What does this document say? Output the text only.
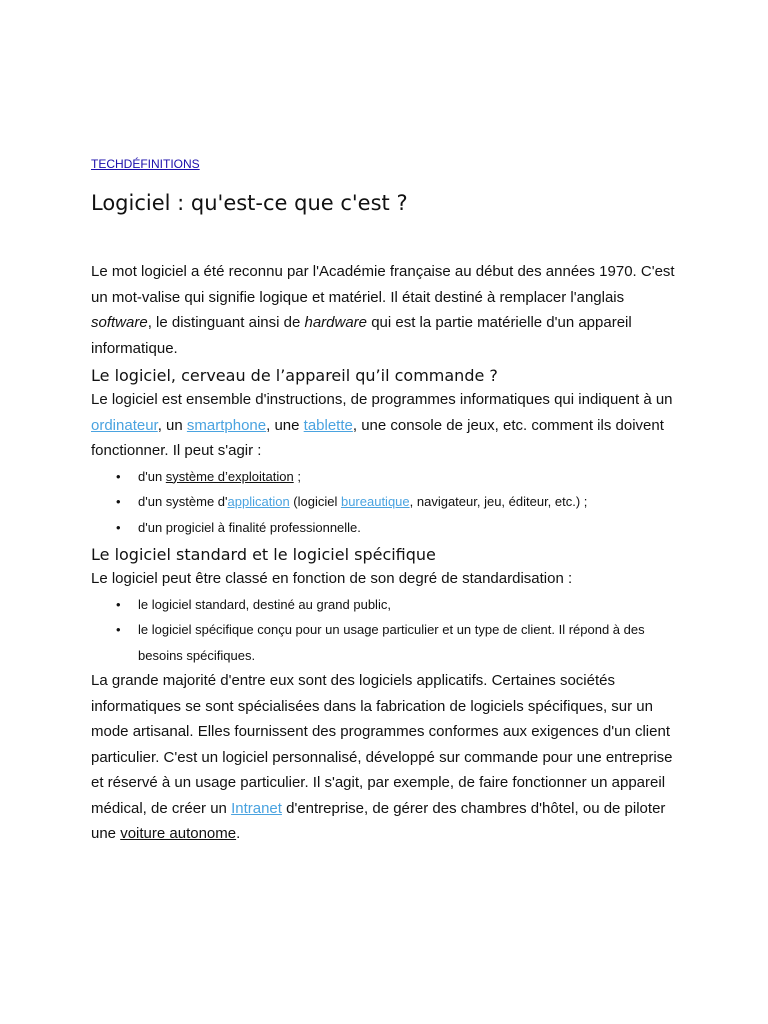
TECHDÉFINITIONS
Logiciel : qu'est-ce que c'est ?

Le mot logiciel a été reconnu par l'Académie française au début des années 1970. C'est un mot-valise qui signifie logique et matériel. Il était destiné à remplacer l'anglais software, le distinguant ainsi de hardware qui est la partie matérielle d'un appareil informatique.

Le logiciel, cerveau de l’appareil qu’il commande ?

Le logiciel est ensemble d'instructions, de programmes informatiques qui indiquent à un ordinateur, un smartphone, une tablette, une console de jeux, etc. comment ils doivent fonctionner. Il peut s'agir :

• d'un système d’exploitation ;
• d'un système d'application (logiciel bureautique, navigateur, jeu, éditeur, etc.) ;
• d'un progiciel à finalité professionnelle.
Le logiciel standard et le logiciel spécifique

Le logiciel peut être classé en fonction de son degré de standardisation :

• le logiciel standard, destiné au grand public,
• le logiciel spécifique conçu pour un usage particulier et un type de client. Il répond à des besoins spécifiques.

La grande majorité d'entre eux sont des logiciels applicatifs. Certaines sociétés informatiques se sont spécialisées dans la fabrication de logiciels spécifiques, sur un mode artisanal. Elles fournissent des programmes conformes aux exigences d'un client particulier. C'est un logiciel personnalisé, développé sur commande pour une entreprise et réservé à un usage particulier. Il s'agit, par exemple, de faire fonctionner un appareil médical, de créer un Intranet d'entreprise, de gérer des chambres d'hôtel, ou de piloter une voiture autonome.
